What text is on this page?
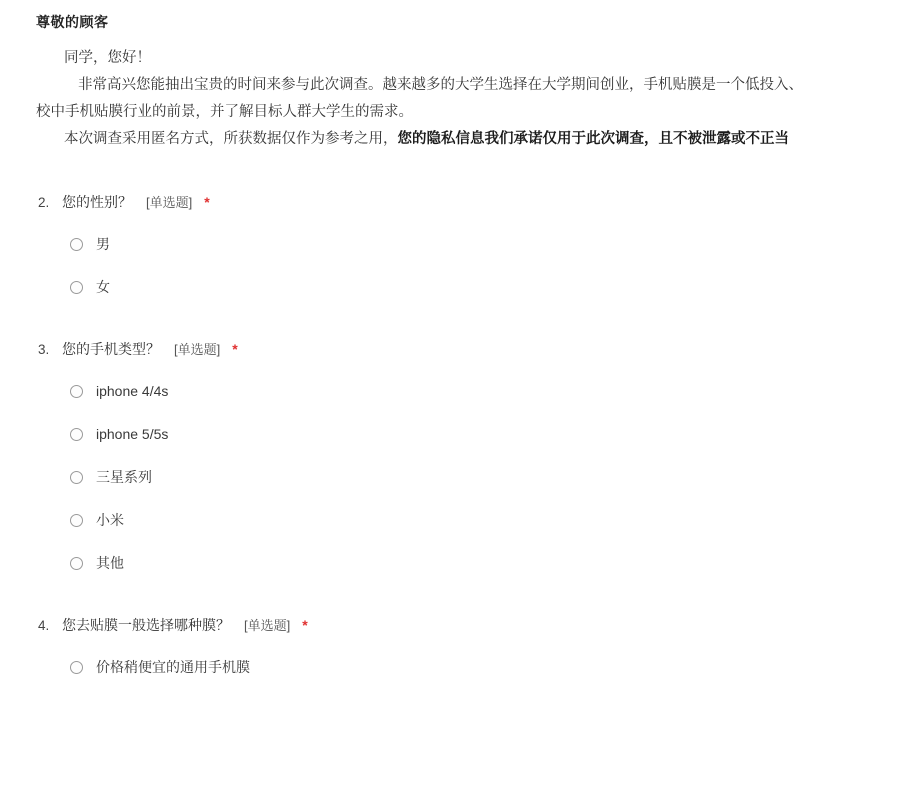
尊敬的顾客

同学，您好！

非常高兴您能抽出宝贵的时间来参与此次调查。越来越多的大学生选择在大学期间创业，手机贴膜是一个低投入、

校中手机贴膜行业的前景，并了解目标人群大学生的需求。

本次调查采用匿名方式，所获数据仅作为参考之用，您的隐私信息我们承诺仅用于此次调查，且不被泄露或不正当

2. 您的性别？ [单选题] *
男
女
3. 您的手机类型？ [单选题] *
iphone 4/4s
iphone 5/5s
三星系列
小米
其他
4. 您去贴膜一般选择哪种膜？ [单选题] *
价格稍便宜的通用手机膜
